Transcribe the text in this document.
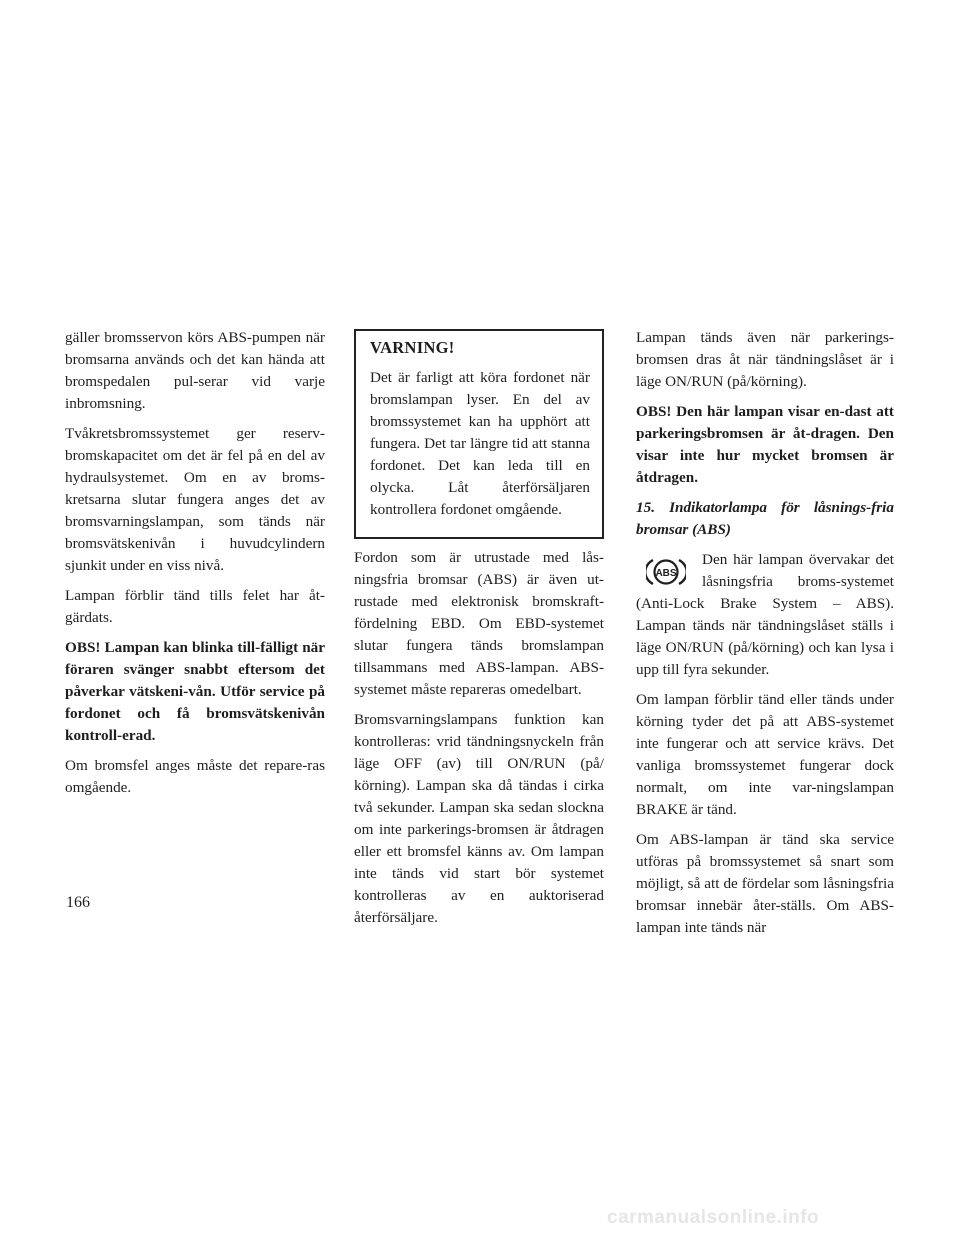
gäller bromsservon körs ABS-pumpen när bromsarna används och det kan hända att bromspedalen pul-serar vid varje inbromsning.

Tvåkretsbromssystemet ger reserv-bromskapacitet om det är fel på en del av hydraulsystemet. Om en av broms-kretsarna slutar fungera anges det av bromsvarningslampan, som tänds när bromsvätskenivån i huvudcylindern sjunkit under en viss nivå.

Lampan förblir tänd tills felet har åt-gärdats.

OBS! Lampan kan blinka till-fälligt när föraren svänger snabbt eftersom det påverkar vätskeni-vån. Utför service på fordonet och få bromsvätskenivån kontroll-erad.

Om bromsfel anges måste det repare-ras omgående.

VARNING!

Det är farligt att köra fordonet när bromslampan lyser. En del av bromssystemet kan ha upphört att fungera. Det tar längre tid att stanna fordonet. Det kan leda till en olycka. Låt återförsäljaren kontrollera fordonet omgående.

Fordon som är utrustade med lås-ningsfria bromsar (ABS) är även ut-rustade med elektronisk bromskraft-fördelning EBD. Om EBD-systemet slutar fungera tänds bromslampan tillsammans med ABS-lampan. ABS-systemet måste repareras omedelbart.

Bromsvarningslampans funktion kan kontrolleras: vrid tändningsnyckeln från läge OFF (av) till ON/RUN (på/ körning). Lampan ska då tändas i cirka två sekunder. Lampan ska sedan slockna om inte parkerings-bromsen är åtdragen eller ett bromsfel känns av. Om lampan inte tänds vid start bör systemet kontrolleras av en auktoriserad återförsäljare.

Lampan tänds även när parkerings-bromsen dras åt när tändningslåset är i läge ON/RUN (på/körning).

OBS! Den här lampan visar en-dast att parkeringsbromsen är åt-dragen. Den visar inte hur mycket bromsen är åtdragen.

15. Indikatorlampa för låsnings-fria bromsar (ABS)

ABS

Den här lampan övervakar det låsningsfria broms-systemet (Anti-Lock Brake System – ABS). Lampan tänds när tändningslåset ställs i läge ON/RUN (på/körning) och kan lysa i upp till fyra sekunder.

Om lampan förblir tänd eller tänds under körning tyder det på att ABS-systemet inte fungerar och att service krävs. Det vanliga bromssystemet fungerar dock normalt, om inte var-ningslampan BRAKE är tänd.

Om ABS-lampan är tänd ska service utföras på bromssystemet så snart som möjligt, så att de fördelar som låsningsfria bromsar innebär åter-ställs. Om ABS-lampan inte tänds när

166
carmanualsonline.info
